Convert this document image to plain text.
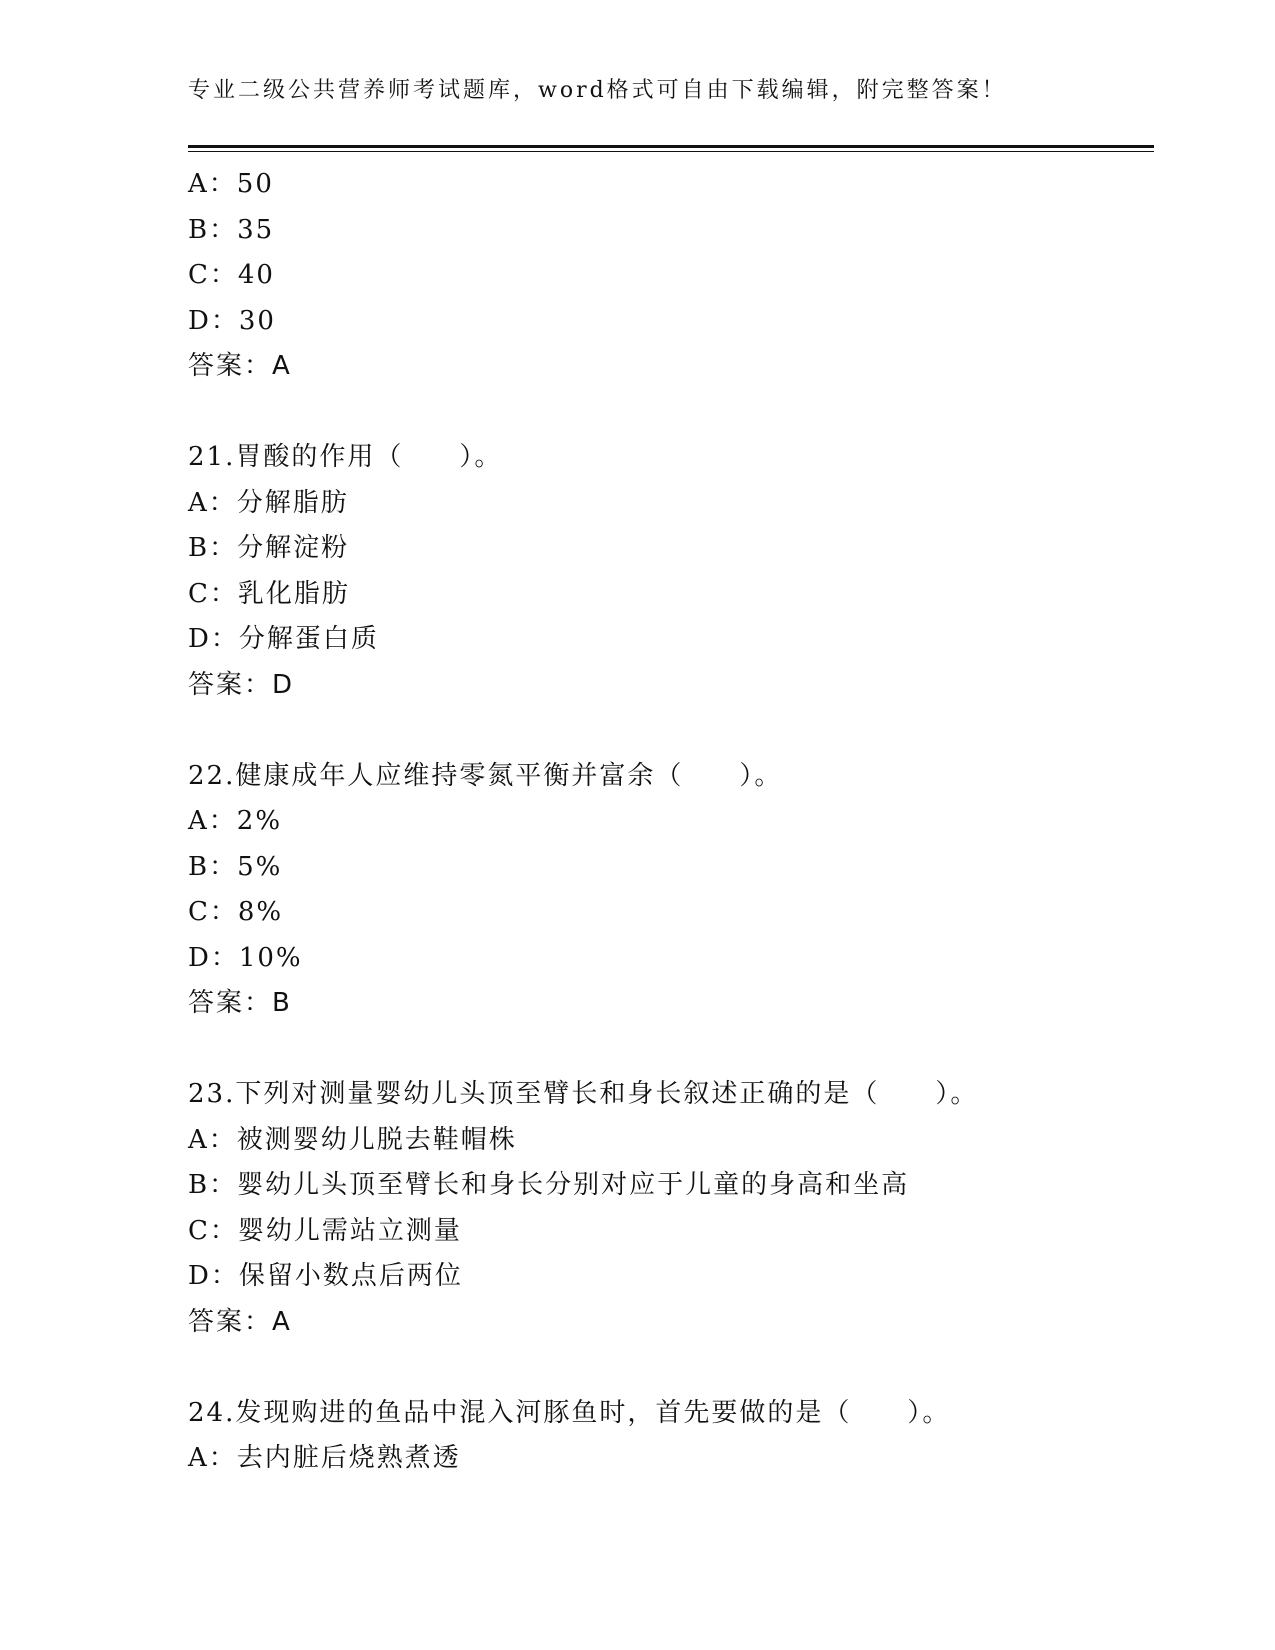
专业二级公共营养师考试题库，word格式可自由下载编辑，附完整答案！
A：50
B：35
C：40
D：30
答案：A
21.胃酸的作用（　　）。
A：分解脂肪
B：分解淀粉
C：乳化脂肪
D：分解蛋白质
答案：D
22.健康成年人应维持零氮平衡并富余（　　）。
A：2%
B：5%
C：8%
D：10%
答案：B
23.下列对测量婴幼儿头顶至臂长和身长叙述正确的是（　　）。
A：被测婴幼儿脱去鞋帽株
B：婴幼儿头顶至臂长和身长分别对应于儿童的身高和坐高
C：婴幼儿需站立测量
D：保留小数点后两位
答案：A
24.发现购进的鱼品中混入河豚鱼时，首先要做的是（　　）。
A：去内脏后烧熟煮透
